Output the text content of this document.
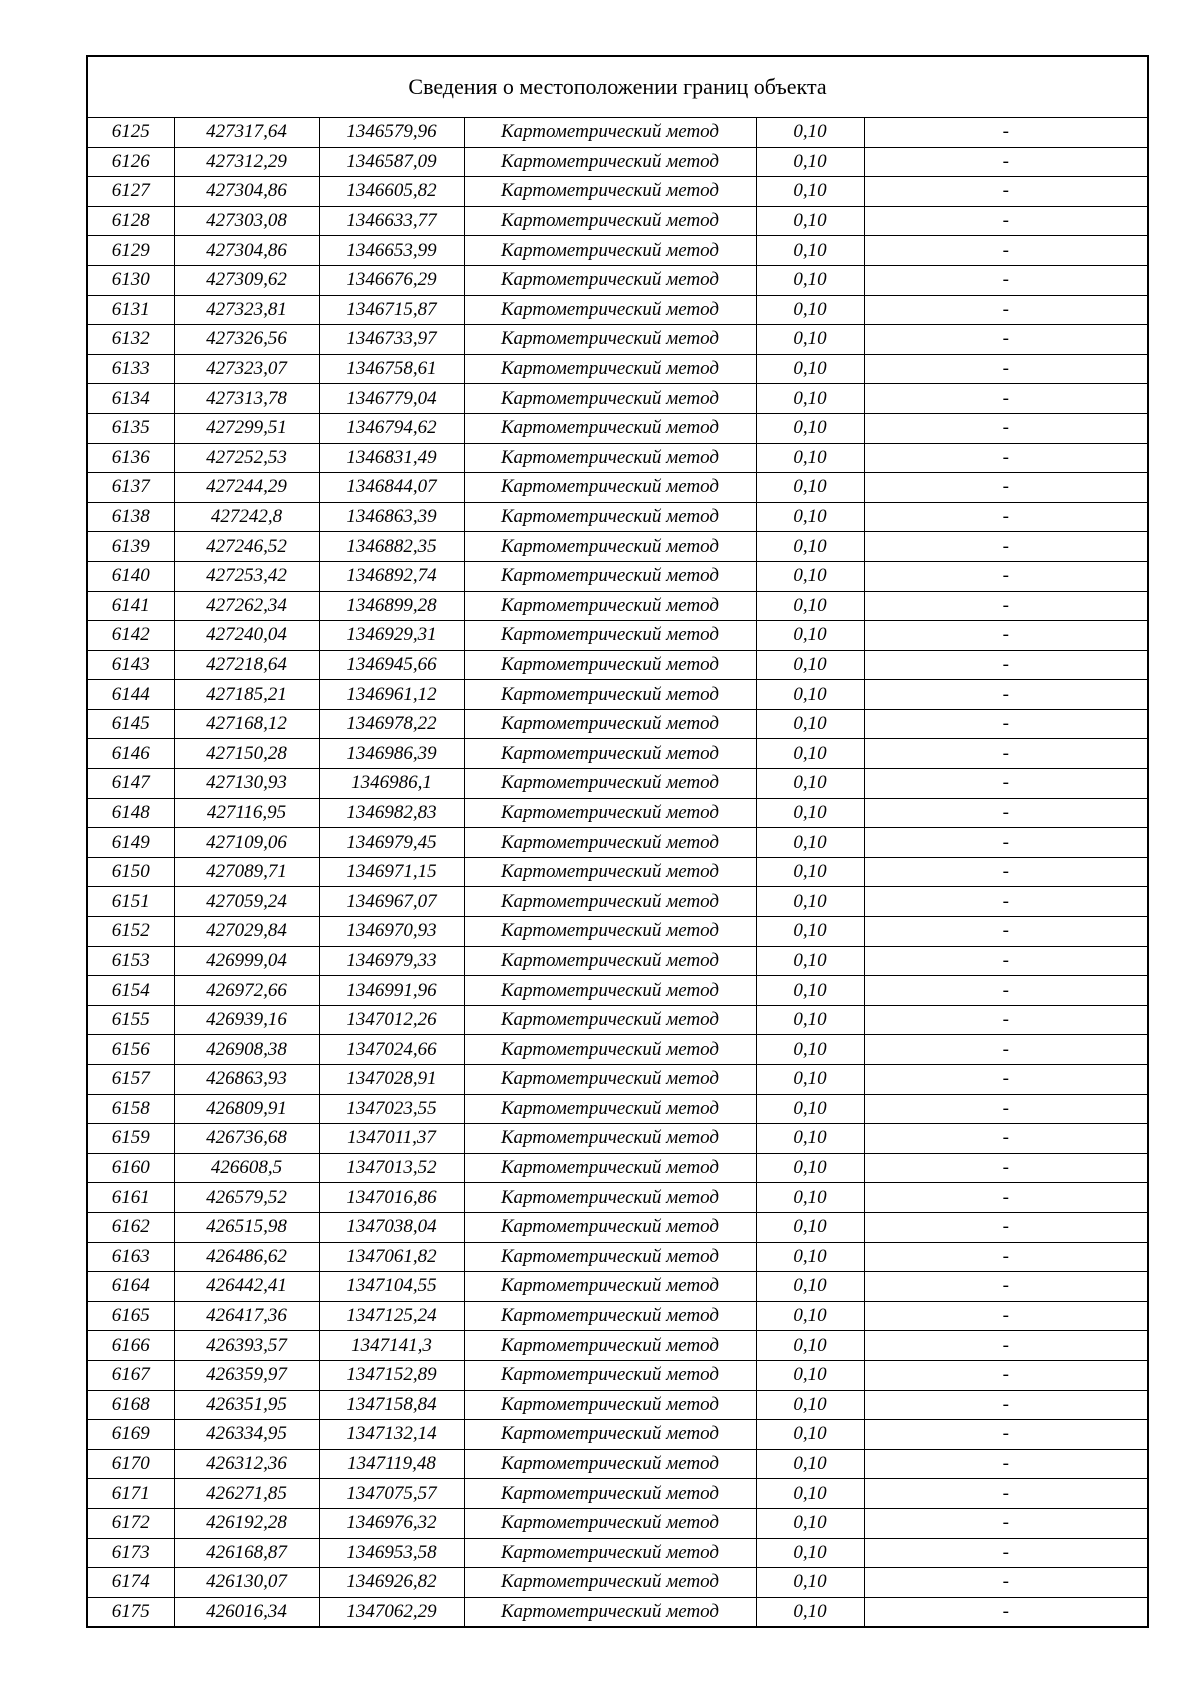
Сведения о местоположении границ объекта
6125	427317,64	1346579,96	Картометрический метод	0,10	-
6126	427312,29	1346587,09	Картометрический метод	0,10	-
6127	427304,86	1346605,82	Картометрический метод	0,10	-
6128	427303,08	1346633,77	Картометрический метод	0,10	-
6129	427304,86	1346653,99	Картометрический метод	0,10	-
6130	427309,62	1346676,29	Картометрический метод	0,10	-
6131	427323,81	1346715,87	Картометрический метод	0,10	-
6132	427326,56	1346733,97	Картометрический метод	0,10	-
6133	427323,07	1346758,61	Картометрический метод	0,10	-
6134	427313,78	1346779,04	Картометрический метод	0,10	-
6135	427299,51	1346794,62	Картометрический метод	0,10	-
6136	427252,53	1346831,49	Картометрический метод	0,10	-
6137	427244,29	1346844,07	Картометрический метод	0,10	-
6138	427242,8	1346863,39	Картометрический метод	0,10	-
6139	427246,52	1346882,35	Картометрический метод	0,10	-
6140	427253,42	1346892,74	Картометрический метод	0,10	-
6141	427262,34	1346899,28	Картометрический метод	0,10	-
6142	427240,04	1346929,31	Картометрический метод	0,10	-
6143	427218,64	1346945,66	Картометрический метод	0,10	-
6144	427185,21	1346961,12	Картометрический метод	0,10	-
6145	427168,12	1346978,22	Картометрический метод	0,10	-
6146	427150,28	1346986,39	Картометрический метод	0,10	-
6147	427130,93	1346986,1	Картометрический метод	0,10	-
6148	427116,95	1346982,83	Картометрический метод	0,10	-
6149	427109,06	1346979,45	Картометрический метод	0,10	-
6150	427089,71	1346971,15	Картометрический метод	0,10	-
6151	427059,24	1346967,07	Картометрический метод	0,10	-
6152	427029,84	1346970,93	Картометрический метод	0,10	-
6153	426999,04	1346979,33	Картометрический метод	0,10	-
6154	426972,66	1346991,96	Картометрический метод	0,10	-
6155	426939,16	1347012,26	Картометрический метод	0,10	-
6156	426908,38	1347024,66	Картометрический метод	0,10	-
6157	426863,93	1347028,91	Картометрический метод	0,10	-
6158	426809,91	1347023,55	Картометрический метод	0,10	-
6159	426736,68	1347011,37	Картометрический метод	0,10	-
6160	426608,5	1347013,52	Картометрический метод	0,10	-
6161	426579,52	1347016,86	Картометрический метод	0,10	-
6162	426515,98	1347038,04	Картометрический метод	0,10	-
6163	426486,62	1347061,82	Картометрический метод	0,10	-
6164	426442,41	1347104,55	Картометрический метод	0,10	-
6165	426417,36	1347125,24	Картометрический метод	0,10	-
6166	426393,57	1347141,3	Картометрический метод	0,10	-
6167	426359,97	1347152,89	Картометрический метод	0,10	-
6168	426351,95	1347158,84	Картометрический метод	0,10	-
6169	426334,95	1347132,14	Картометрический метод	0,10	-
6170	426312,36	1347119,48	Картометрический метод	0,10	-
6171	426271,85	1347075,57	Картометрический метод	0,10	-
6172	426192,28	1346976,32	Картометрический метод	0,10	-
6173	426168,87	1346953,58	Картометрический метод	0,10	-
6174	426130,07	1346926,82	Картометрический метод	0,10	-
6175	426016,34	1347062,29	Картометрический метод	0,10	-
